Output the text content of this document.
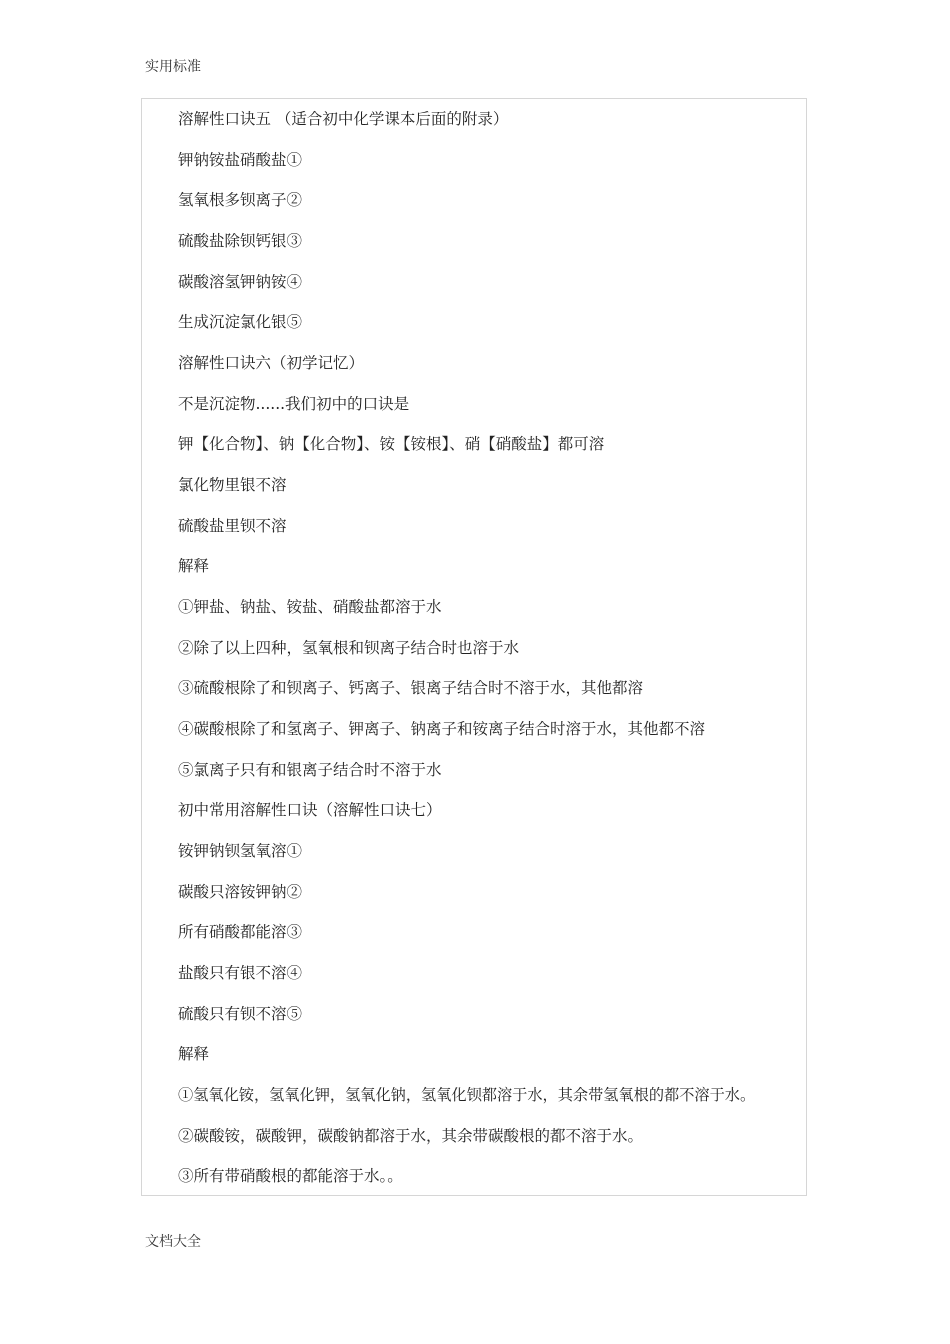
实用标准
溶解性口诀五 （适合初中化学课本后面的附录）
钾钠铵盐硝酸盐①
氢氧根多钡离子②
硫酸盐除钡钙银③
碳酸溶氢钾钠铵④
生成沉淀氯化银⑤
溶解性口诀六（初学记忆）
不是沉淀物......我们初中的口诀是
钾【化合物】、钠【化合物】、铵【铵根】、硝【硝酸盐】都可溶
氯化物里银不溶
硫酸盐里钡不溶
解释
①钾盐、钠盐、铵盐、硝酸盐都溶于水
②除了以上四种，氢氧根和钡离子结合时也溶于水
③硫酸根除了和钡离子、钙离子、银离子结合时不溶于水，其他都溶
④碳酸根除了和氢离子、钾离子、钠离子和铵离子结合时溶于水，其他都不溶
⑤氯离子只有和银离子结合时不溶于水
初中常用溶解性口诀（溶解性口诀七）
铵钾钠钡氢氧溶①
碳酸只溶铵钾钠②
所有硝酸都能溶③
盐酸只有银不溶④
硫酸只有钡不溶⑤
解释
①氢氧化铵，氢氧化钾，氢氧化钠，氢氧化钡都溶于水，其余带氢氧根的都不溶于水。
②碳酸铵，碳酸钾，碳酸钠都溶于水，其余带碳酸根的都不溶于水。
③所有带硝酸根的都能溶于水。。
文档大全
